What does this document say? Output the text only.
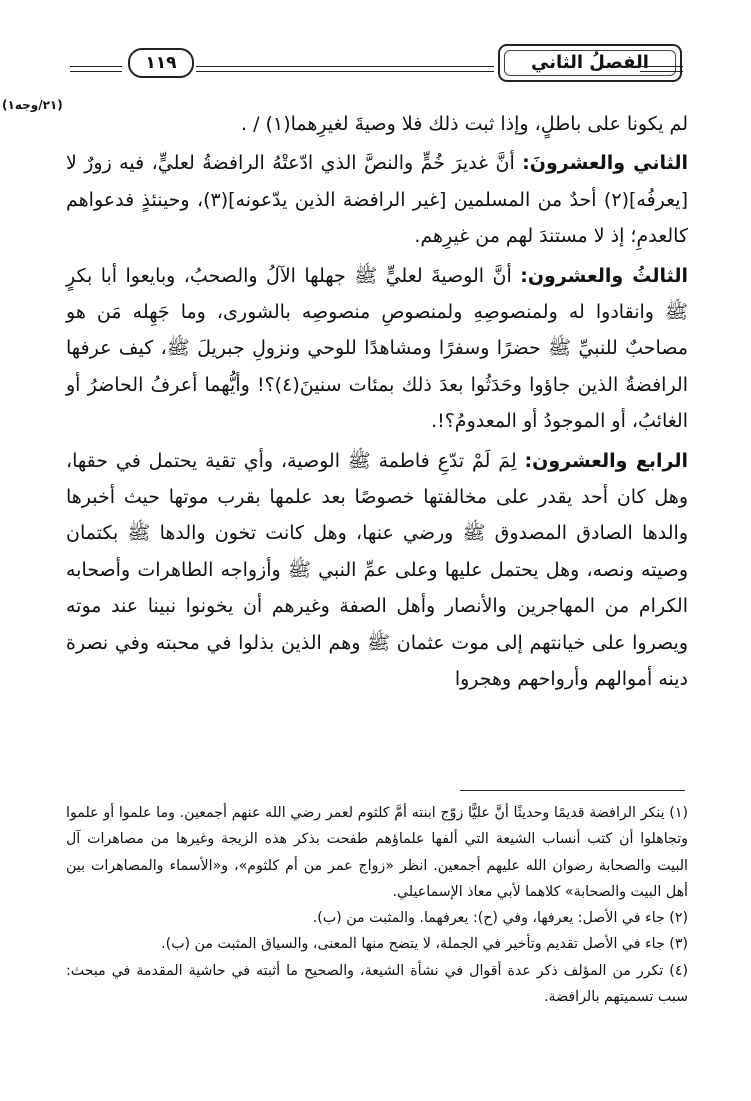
١١٩	الفصلُ الثاني
(٢١/وجه١)

لم يكونا على باطلٍ، وإذا ثبت ذلك فلا وصيةَ لغيرِهما(١) / .

الثاني والعشرونَ: أنَّ غديرَ خُمٍّ والنصَّ الذي ادّعتْهُ الرافضةُ لعليٍّ، فيه زورٌ لا [يعرفُه](٢) أحدٌ من المسلمين [غير الرافضة الذين يدّعونه](٣)، وحينئذٍ فدعواهم كالعدمِ؛ إذ لا مستندَ لهم من غيرِهم.

الثالثُ والعشرون: أنَّ الوصيةَ لعليٍّ ﷺ جهلها الآلُ والصحبُ، وبايعوا أبا بكرٍ ﷺ وانقادوا له ولمنصوصِهِ ولمنصوصِ منصوصِه بالشورى، وما جَهِله مَن هو مصاحبٌ للنبيِّ ﷺ حضرًا وسفرًا ومشاهدًا للوحي ونزولِ جبريلَ ﷺ، كيف عرفها الرافضةُ الذين جاؤوا وحَدَثُوا بعدَ ذلك بمئات سنينَ(٤)؟! وأيُّهما أعرفُ الحاضرُ أو الغائبُ، أو الموجودُ أو المعدومُ؟!.

الرابع والعشرون: لِمَ لَمْ تدّعِ فاطمة ﷺ الوصية، وأي تقية يحتمل في حقها، وهل كان أحد يقدر على مخالفتها خصوصًا بعد علمها بقرب موتها حيث أخبرها والدها الصادق المصدوق ﷺ ورضي عنها، وهل كانت تخون والدها ﷺ بكتمان وصيته ونصه، وهل يحتمل عليها وعلى عمِّ النبي ﷺ وأزواجه الطاهرات وأصحابه الكرام من المهاجرين والأنصار وأهل الصفة وغيرهم أن يخونوا نبينا عند موته ويصروا على خيانتهم إلى موت عثمان ﷺ وهم الذين بذلوا في محبته وفي نصرة دينه أموالهم وأرواحهم وهجروا

(١) ينكر الرافضة قديمًا وحديثًا أنَّ عليًّا زوّج ابنته أمَّ كلثوم لعمر رضي الله عنهم أجمعين. وما علموا أو علموا وتجاهلوا أن كتب أنساب الشيعة التي ألفها علماؤهم طفحت بذكر هذه الزيجة وغيرها من مصاهرات آل البيت والصحابة رضوان الله عليهم أجمعين. انظر «زواج عمر من أم كلثوم»، و«الأسماء والمصاهرات بين أهل البيت والصحابة» كلاهما لأبي معاذ الإسماعيلي.

(٢) جاء في الأصل: يعرفها، وفي (ح): يعرفهما. والمثبت من (ب).

(٣) جاء في الأصل تقديم وتأخير في الجملة، لا يتضح منها المعنى، والسياق المثبت من (ب).

(٤) تكرر من المؤلف ذكر عدة أقوال في نشأة الشيعة، والصحيح ما أثبته في حاشية المقدمة في مبحث: سبب تسميتهم بالرافضة.
